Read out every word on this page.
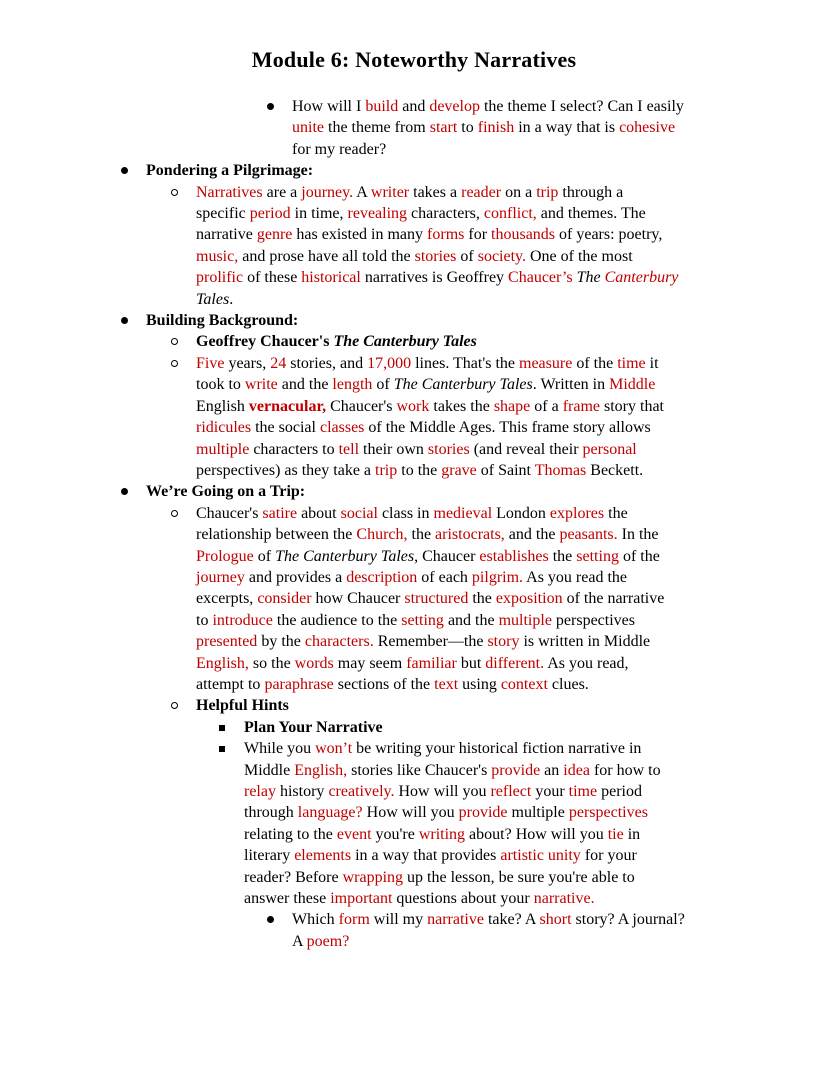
Module 6: Noteworthy Narratives
How will I build and develop the theme I select? Can I easily
unite the theme from start to finish in a way that is cohesive
for my reader?
Pondering a Pilgrimage:
Narratives are a journey. A writer takes a reader on a trip through a
specific period in time, revealing characters, conflict, and themes. The
narrative genre has existed in many forms for thousands of years: poetry,
music, and prose have all told the stories of society. One of the most
prolific of these historical narratives is Geoffrey Chaucer’s The Canterbury
Tales.
Building Background:
Geoffrey Chaucer's The Canterbury Tales
Five years, 24 stories, and 17,000 lines. That's the measure of the time it
took to write and the length of The Canterbury Tales. Written in Middle
English vernacular, Chaucer's work takes the shape of a frame story that
ridicules the social classes of the Middle Ages. This frame story allows
multiple characters to tell their own stories (and reveal their personal
perspectives) as they take a trip to the grave of Saint Thomas Beckett.
We’re Going on a Trip:
Chaucer's satire about social class in medieval London explores the
relationship between the Church, the aristocrats, and the peasants. In the
Prologue of The Canterbury Tales, Chaucer establishes the setting of the
journey and provides a description of each pilgrim. As you read the
excerpts, consider how Chaucer structured the exposition of the narrative
to introduce the audience to the setting and the multiple perspectives
presented by the characters. Remember—the story is written in Middle
English, so the words may seem familiar but different. As you read,
attempt to paraphrase sections of the text using context clues.
Helpful Hints
Plan Your Narrative
While you won’t be writing your historical fiction narrative in
Middle English, stories like Chaucer's provide an idea for how to
relay history creatively. How will you reflect your time period
through language? How will you provide multiple perspectives
relating to the event you're writing about? How will you tie in
literary elements in a way that provides artistic unity for your
reader? Before wrapping up the lesson, be sure you're able to
answer these important questions about your narrative.
Which form will my narrative take? A short story? A journal?
A poem?
